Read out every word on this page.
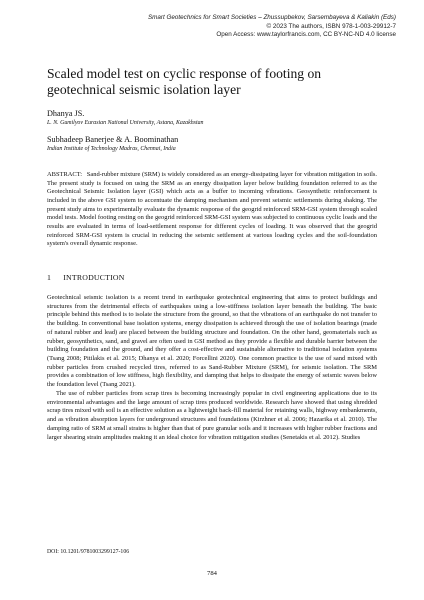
Smart Geotechnics for Smart Societies – Zhussupbekov, Sarsembayeva & Kaliakin (Eds)
© 2023 The authors, ISBN 978-1-003-29912-7
Open Access: www.taylorfrancis.com, CC BY-NC-ND 4.0 license
Scaled model test on cyclic response of footing on geotechnical seismic isolation layer
Dhanya JS.
L. N. Gumilyov Eurasian National University, Astana, Kazakhstan
Subhadeep Banerjee & A. Boominathan
Indian Institute of Technology Madras, Chennai, India
ABSTRACT: Sand-rubber mixture (SRM) is widely considered as an energy-dissipating layer for vibration mitigation in soils. The present study is focused on using the SRM as an energy dissipation layer below building foundation referred to as the Geotechnical Seismic Isolation layer (GSI) which acts as a buffer to incoming vibrations. Geosynthetic reinforcement is included in the above GSI system to accentuate the damping mechanism and prevent seismic settlements during shaking. The present study aims to experimentally evaluate the dynamic response of the geogrid reinforced SRM-GSI system through scaled model tests. Model footing resting on the geogrid reinforced SRM-GSI system was subjected to continuous cyclic loads and the results are evaluated in terms of load-settlement response for different cycles of loading. It was observed that the geogrid reinforced SRM-GSI system is crucial in reducing the seismic settlement at various loading cycles and the soil-foundation system's overall dynamic response.
1 INTRODUCTION

Geotechnical seismic isolation is a recent trend in earthquake geotechnical engineering that aims to protect buildings and structures from the detrimental effects of earthquakes using a low-stiffness isolation layer beneath the building. The basic principle behind this method is to isolate the structure from the ground, so that the vibrations of an earthquake do not transfer to the building. In conventional base isolation systems, energy dissipation is achieved through the use of isolation bearings (made of natural rubber and lead) are placed between the building structure and foundation. On the other hand, geomaterials such as rubber, geosynthetics, sand, and gravel are often used in GSI method as they provide a flexible and durable barrier between the building foundation and the ground, and they offer a cost-effective and sustainable alternative to traditional isolation systems (Tsang 2008; Pitilakis et al. 2015; Dhanya et al. 2020; Forcellini 2020). One common practice is the use of sand mixed with rubber particles from crushed recycled tires, referred to as Sand-Rubber Mixture (SRM), for seismic isolation. The SRM provides a combination of low stiffness, high flexibility, and damping that helps to dissipate the energy of seismic waves below the foundation level (Tsang 2021).

The use of rubber particles from scrap tires is becoming increasingly popular in civil engineering applications due to its environmental advantages and the large amount of scrap tires produced worldwide. Research have showed that using shredded scrap tires mixed with soil is an effective solution as a lightweight back-fill material for retaining walls, highway embankments, and as vibration absorption layers for underground structures and foundations (Kirzhner et al. 2006; Hazarika et al. 2010). The damping ratio of SRM at small strains is higher than that of pure granular soils and it increases with higher rubber fractions and larger shearing strain amplitudes making it an ideal choice for vibration mitigation studies (Senetakis et al. 2012). Studies

DOI: 10.1201/9781003299127-106
784
